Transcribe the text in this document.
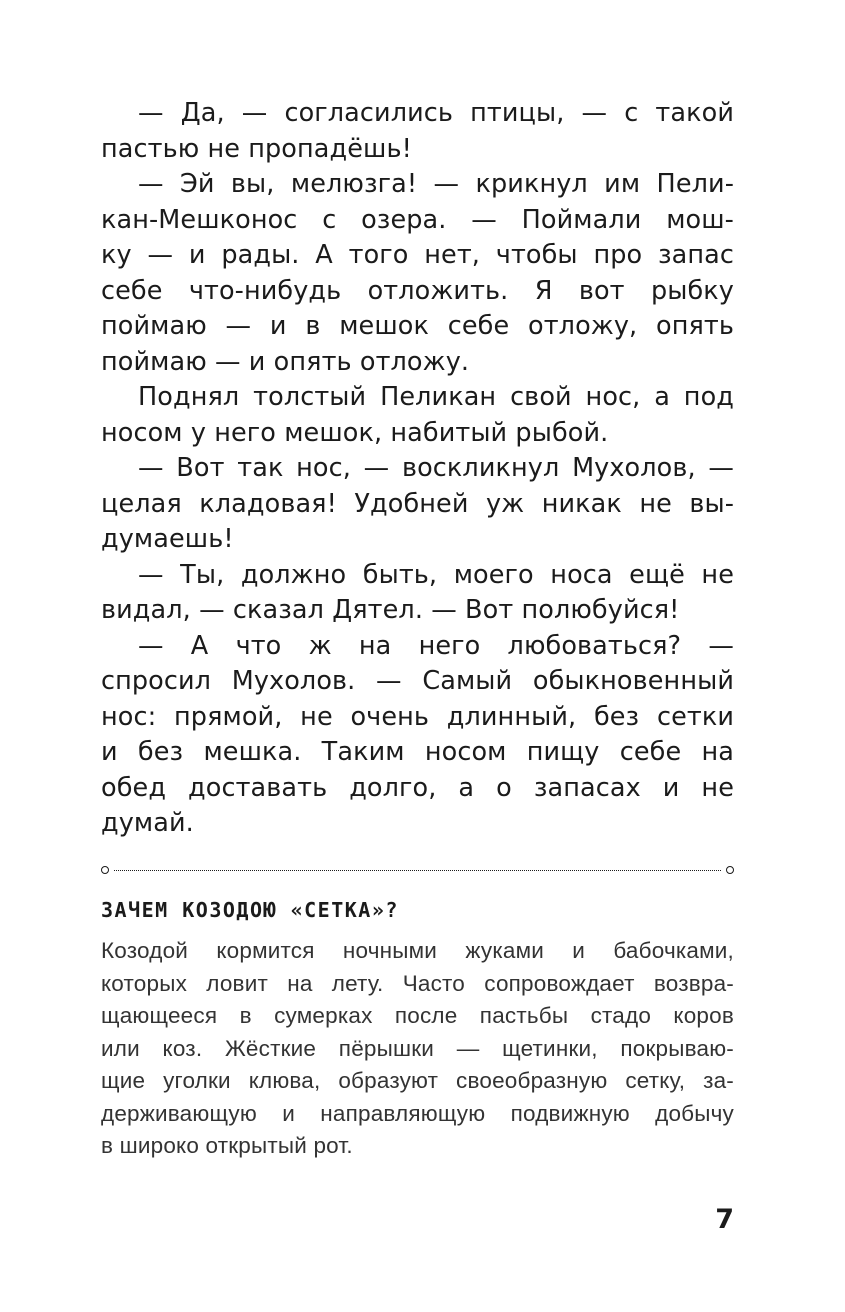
— Да, — согласились птицы, — с такой
пастью не пропадёшь!
— Эй вы, мелюзга! — крикнул им Пели-
кан-Мешконос с озера. — Поймали мош-
ку — и рады. А того нет, чтобы про запас
себе что-нибудь отложить. Я вот рыбку
поймаю — и в мешок себе отложу, опять
поймаю — и опять отложу.
Поднял толстый Пеликан свой нос, а под
носом у него мешок, набитый рыбой.
— Вот так нос, — воскликнул Мухолов, —
целая кладовая! Удобней уж никак не вы-
думаешь!
— Ты, должно быть, моего носа ещё не
видал, — сказал Дятел. — Вот полюбуйся!
— А что ж на него любоваться? —
спросил Мухолов. — Самый обыкновенный
нос: прямой, не очень длинный, без сетки
и без мешка. Таким носом пищу себе на
обед доставать долго, а о запасах и не
думай.
ЗАЧЕМ КОЗОДОЮ «СЕТКА»?
Козодой кормится ночными жуками и бабочками,
которых ловит на лету. Часто сопровождает возвра-
щающееся в сумерках после пастьбы стадо коров
или коз. Жёсткие пёрышки — щетинки, покрываю-
щие уголки клюва, образуют своеобразную сетку, за-
держивающую и направляющую подвижную добычу
в широко открытый рот.
7
